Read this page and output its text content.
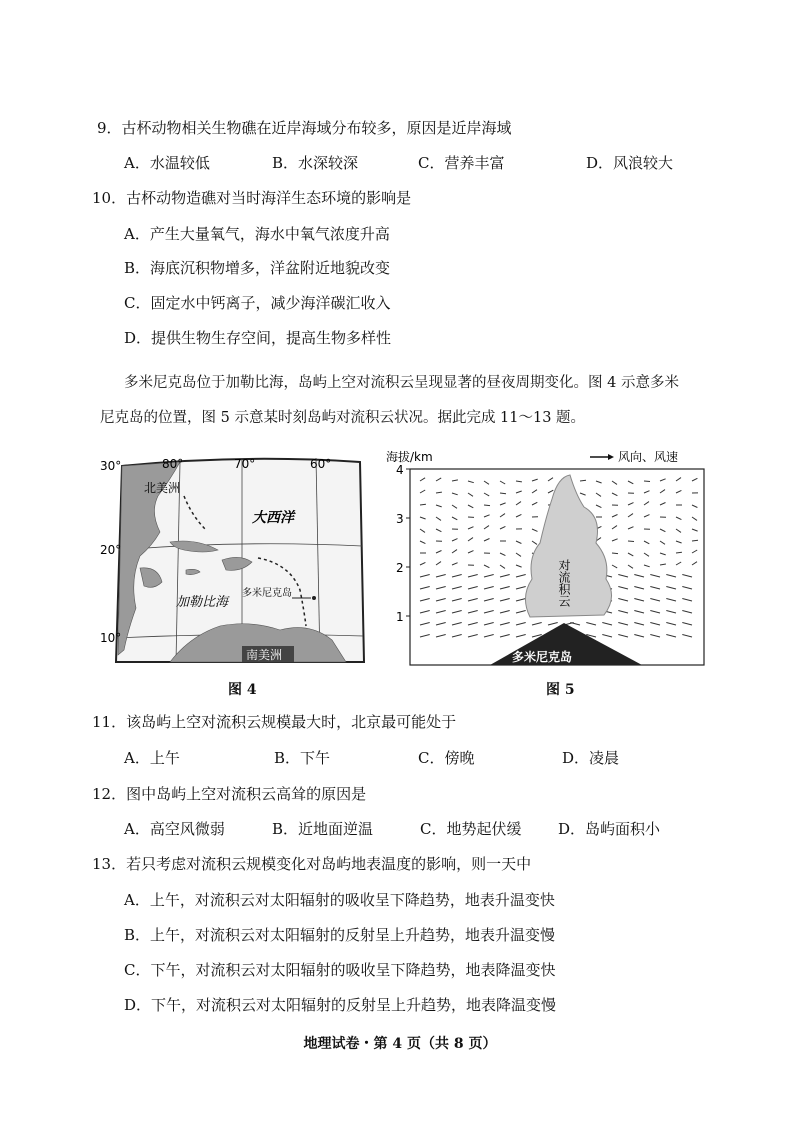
9．古杯动物相关生物礁在近岸海域分布较多，原因是近岸海域
A．水温较低	B．水深较深	C．营养丰富	D．风浪较大
10．古杯动物造礁对当时海洋生态环境的影响是
A．产生大量氧气，海水中氧气浓度升高
B．海底沉积物增多，洋盆附近地貌改变
C．固定水中钙离子，减少海洋碳汇收入
D．提供生物生存空间，提高生物多样性
多米尼克岛位于加勒比海，岛屿上空对流积云呈现显著的昼夜周期变化。图 4 示意多米
尼克岛的位置，图 5 示意某时刻岛屿对流积云状况。据此完成 11～13 题。
30°
20°
10°
80°	70°	60°
北美洲
大西洋
加勒比海
多米尼克岛
南美洲
图 4
海拔/km	风向、风速
4
3
2
1
对流积云
多米尼克岛
图 5
11．该岛屿上空对流积云规模最大时，北京最可能处于
A．上午	B．下午	C．傍晚	D．凌晨
12．图中岛屿上空对流积云高耸的原因是
A．高空风微弱	B．近地面逆温	C．地势起伏缓 D．岛屿面积小
13．若只考虑对流积云规模变化对岛屿地表温度的影响，则一天中
A．上午，对流积云对太阳辐射的吸收呈下降趋势，地表升温变快
B．上午，对流积云对太阳辐射的反射呈上升趋势，地表升温变慢
C．下午，对流积云对太阳辐射的吸收呈下降趋势，地表降温变快
D．下午，对流积云对太阳辐射的反射呈上升趋势，地表降温变慢
地理试卷・第 4 页（共 8 页）
